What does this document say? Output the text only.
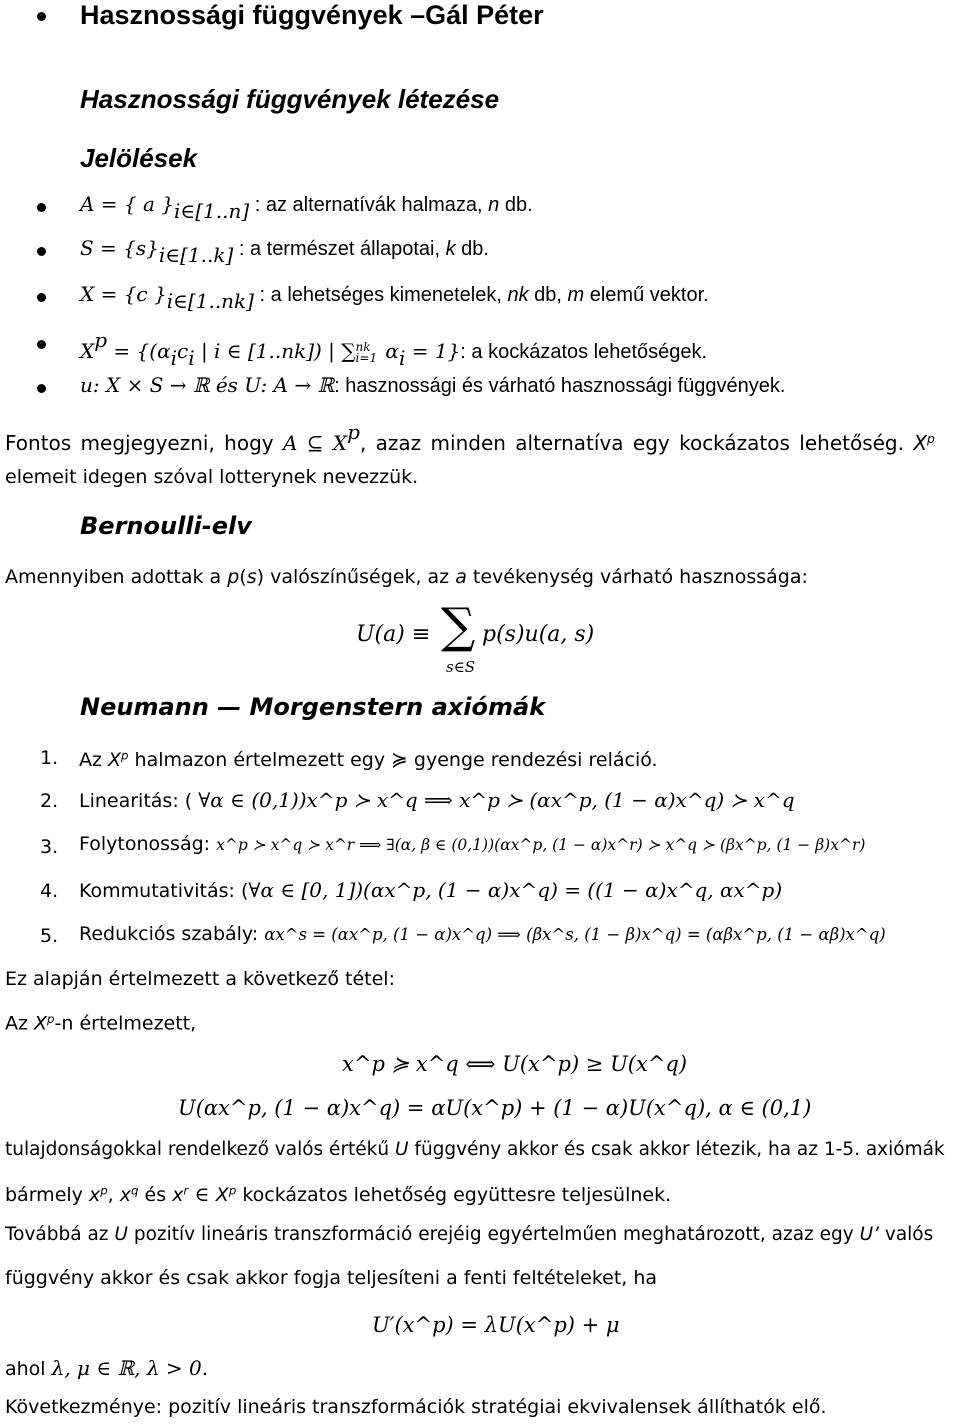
Hasznossági függvények –Gál Péter
Hasznossági függvények létezése
Jelölések
A = { a }$_{i\in[1..n]}$ : az alternatívák halmaza, n db.
$S = \{s\}_{i\in[1..k]}$ : a természet állapotai, k db.
X = {c }$_{i\in[1..nk]}$ : a lehetséges kimenetelek, nk db, m elemű vektor.
$X^p = \{(\alpha_ic_i$ | i ∈ [1..nk]) | ∑nk
i=1 $\alpha_i = 1$}: a kockázatos lehetőségek.
u: X × S → ℝ és U: A → ℝ: hasznossági és várható hasznossági függvények.
Fontos megjegyezni, hogy A ⊆ $X^p$, azaz minden alternatíva egy kockázatos lehetőség. $X^p$
elemeit idegen szóval lotterynek nevezzük.
Bernoulli-elv
Amennyiben adottak a p(s) valószínűségek, az a tevékenység várható hasznossága:
U(a) ≡ ∑
s∈S
p(s)u(a, s)
Neumann — Morgenstern axiómák
1. Az $X^p$ halmazon értelmezett egy ≽ gyenge rendezési reláció.
2. Linearitás: ( ∀α ∈ (0,1))x^p ≻ x^q ⟹ x^p ≻ (αx^p, (1 − α)x^q) ≻ x^q
3. Folytonosság: x^p ≻ x^q ≻ x^r ⟹ ∃(α, β ∈ (0,1))(αx^p, (1 − α)x^r) ≻ x^q ≻ (βx^p, (1 − β)x^r)
4. Kommutativitás: (∀α ∈ [0, 1])(αx^p, (1 − α)x^q) = ((1 − α)x^q, αx^p)
5. Redukciós szabály: αx^s = (αx^p, (1 − α)x^q) ⟹ (βx^s, (1 − β)x^q) = (αβx^p, (1 − αβ)x^q)
Ez alapján értelmezett a következő tétel:
Az $X^p-n$ értelmezett,
x^p ≽ x^q ⟺ U(x^p) ≥ U(x^q)
U(αx^p, (1 − α)x^q) = αU(x^p) + (1 − α)U(x^q), α ∈ (0,1)
tulajdonságokkal rendelkező valós értékű U függvény akkor és csak akkor létezik, ha az 1-5. axiómák
bármely $x^p$, $x^q$ és $x^r$ ∈ $X^p$ kockázatos lehetőség együttesre teljesülnek.
Továbbá az U pozitív lineáris transzformáció erejéig egyértelműen meghatározott, azaz egy U’ valós
függvény akkor és csak akkor fogja teljesíteni a fenti feltételeket, ha
U′(x^p) = λU(x^p) + μ
ahol λ, μ ∈ ℝ, λ > 0.
Következménye: pozitív lineáris transzformációk stratégiai ekvivalensek állíthatók elő.
